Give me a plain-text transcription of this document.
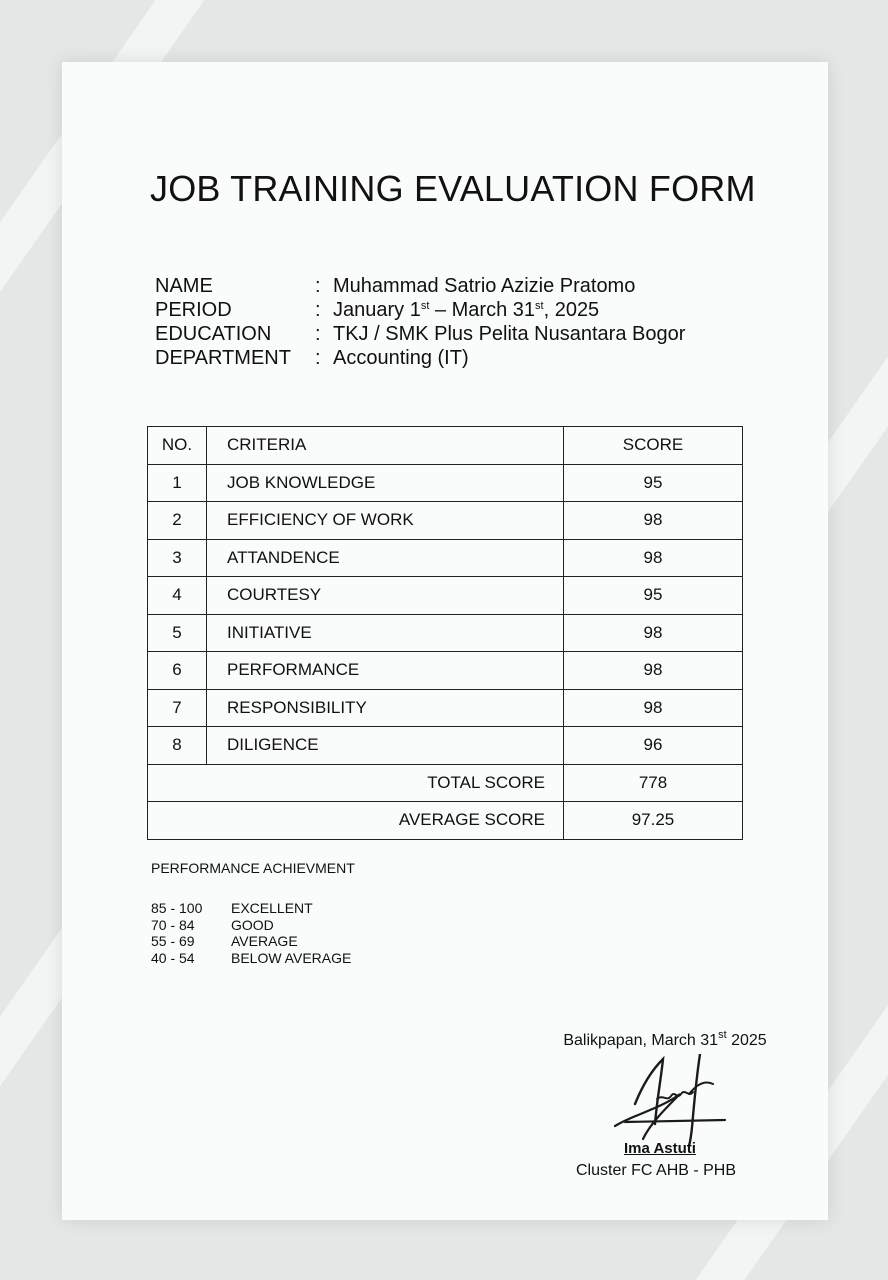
JOB TRAINING EVALUATION FORM
NAME	: Muhammad Satrio Azizie Pratomo
PERIOD	: January 1st – March 31st, 2025
EDUCATION	: TKJ / SMK Plus Pelita Nusantara Bogor
DEPARTMENT	: Accounting (IT)
NO.	CRITERIA	SCORE
1	JOB KNOWLEDGE	95
2	EFFICIENCY OF WORK	98
3	ATTANDENCE	98
4	COURTESY	95
5	INITIATIVE	98
6	PERFORMANCE	98
7	RESPONSIBILITY	98
8	DILIGENCE	96
TOTAL SCORE		778
AVERAGE SCORE		97.25
PERFORMANCE ACHIEVMENT
85 - 100	EXCELLENT
70 - 84	GOOD
55 - 69	AVERAGE
40 - 54	BELOW AVERAGE
Balikpapan, March 31st 2025
Ima Astuti
Cluster FC AHB - PHB
